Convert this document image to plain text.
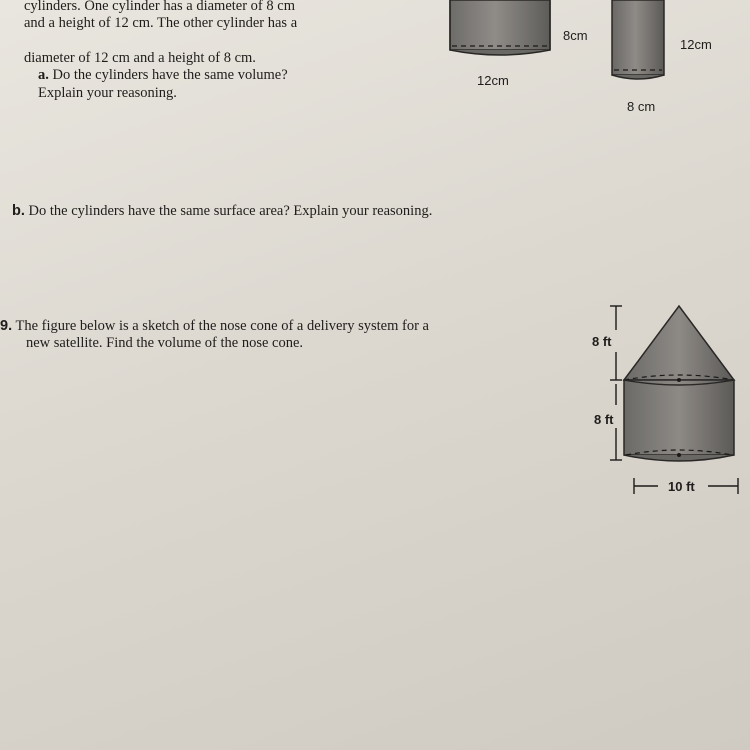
cylinders. One cylinder has a diameter of 8 cm
and a height of 12 cm. The other cylinder has a
diameter of 12 cm and a height of 8 cm.
a. Do the cylinders have the same volume?
Explain your reasoning.
8cm
12cm
12cm
8 cm
b. Do the cylinders have the same surface area? Explain your reasoning.
9. The figure below is a sketch of the nose cone of a delivery system for a
new satellite. Find the volume of the nose cone.	8 ft
8 ft
10 ft
